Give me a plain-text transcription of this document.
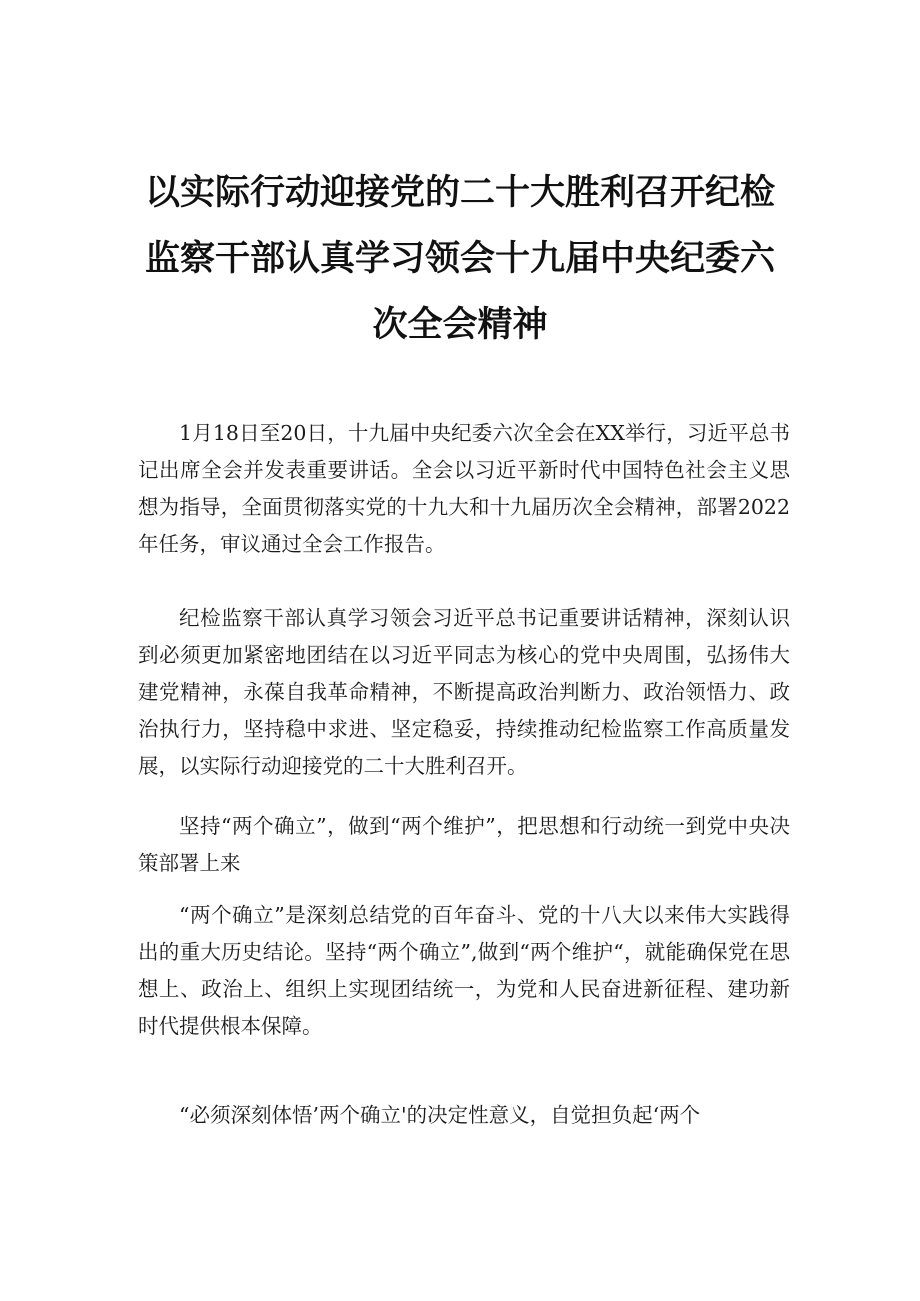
以实际行动迎接党的二十大胜利召开纪检
监察干部认真学习领会十九届中央纪委六
次全会精神

1月18日至20日，十九届中央纪委六次全会在XX举行，习近平总书记出席全会并发表重要讲话。全会以习近平新时代中国特色社会主义思想为指导，全面贯彻落实党的十九大和十九届历次全会精神，部署2022年任务，审议通过全会工作报告。

纪检监察干部认真学习领会习近平总书记重要讲话精神，深刻认识到必须更加紧密地团结在以习近平同志为核心的党中央周围，弘扬伟大建党精神，永葆自我革命精神，不断提高政治判断力、政治领悟力、政治执行力，坚持稳中求进、坚定稳妥，持续推动纪检监察工作高质量发展，以实际行动迎接党的二十大胜利召开。

坚持“两个确立”，做到“两个维护”，把思想和行动统一到党中央决策部署上来

“两个确立”是深刻总结党的百年奋斗、党的十八大以来伟大实践得出的重大历史结论。坚持“两个确立”,做到“两个维护“，就能确保党在思想上、政治上、组织上实现团结统一，为党和人民奋进新征程、建功新时代提供根本保障。

“必须深刻体悟’两个确立'的决定性意义，自觉担负起‘两个
